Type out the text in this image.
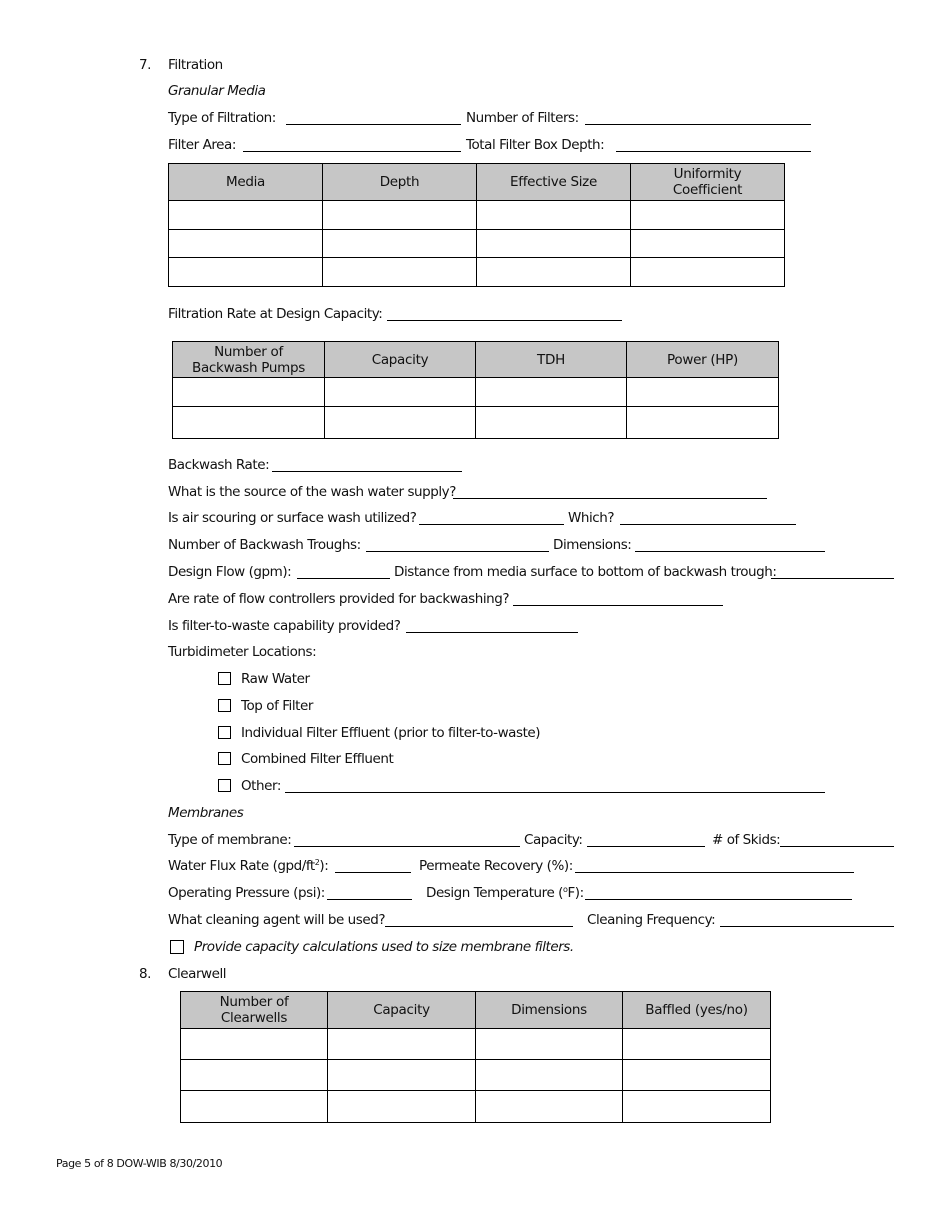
7. Filtration
Granular Media
Type of Filtration:	Number of Filters:
Filter Area:	Total Filter Box Depth:
Media	Depth	Effective Size	Uniformity Coefficient

Filtration Rate at Design Capacity:
Number of Backwash Pumps	Capacity	TDH	Power (HP)

Backwash Rate:
What is the source of the wash water supply?
Is air scouring or surface wash utilized?	Which?
Number of Backwash Troughs:	Dimensions:
Design Flow (gpm):	Distance from media surface to bottom of backwash trough:
Are rate of flow controllers provided for backwashing?
Is filter-to-waste capability provided?
Turbidimeter Locations:
Raw Water
Top of Filter
Individual Filter Effluent (prior to filter-to-waste)
Combined Filter Effluent
Other:
Membranes
Type of membrane:	Capacity:	# of Skids:
Water Flux Rate $(gpd/ft^2)$:	Permeate Recovery (%):
Operating Pressure (psi):	Design Temperature ($^o$F):
What cleaning agent will be used?	Cleaning Frequency:
Provide capacity calculations used to size membrane filters.
8. Clearwell
Number of Clearwells	Capacity	Dimensions	Baffled (yes/no)

Page 5 of 8 DOW-WIB 8/30/2010
